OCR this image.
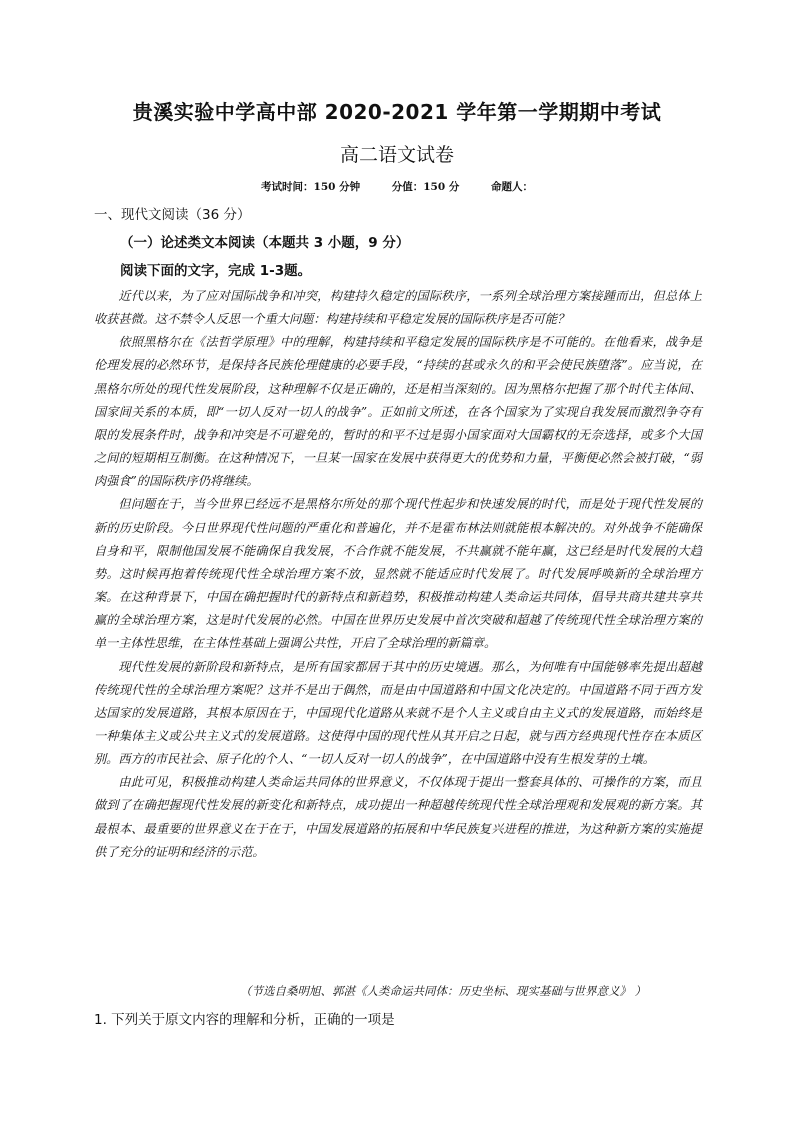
贵溪实验中学高中部 2020-2021 学年第一学期期中考试
高二语文试卷
考试时间：150 分钟	分值：150 分	命题人：
一、现代文阅读（36 分）
（一）论述类文本阅读（本题共 3 小题，9 分）
阅读下面的文字，完成 1-3题。

近代以来，为了应对国际战争和冲突，构建持久稳定的国际秩序，一系列全球治理方案接踵而出，但总体上收获甚微。这不禁令人反思一个重大问题：构建持续和平稳定发展的国际秩序是否可能？

依照黑格尔在《法哲学原理》中的理解，构建持续和平稳定发展的国际秩序是不可能的。在他看来，战争是伦理发展的必然环节，是保持各民族伦理健康的必要手段，“持续的甚或永久的和平会使民族堕落”。应当说，在黑格尔所处的现代性发展阶段，这种理解不仅是正确的，还是相当深刻的。因为黑格尔把握了那个时代主体间、国家间关系的本质，即“一切人反对一切人的战争”。正如前文所述，在各个国家为了实现自我发展而激烈争夺有限的发展条件时，战争和冲突是不可避免的，暂时的和平不过是弱小国家面对大国霸权的无奈选择，或多个大国之间的短期相互制衡。在这种情况下，一旦某一国家在发展中获得更大的优势和力量，平衡便必然会被打破，“弱肉强食”的国际秩序仍将继续。

但问题在于，当今世界已经远不是黑格尔所处的那个现代性起步和快速发展的时代，而是处于现代性发展的新的历史阶段。今日世界现代性问题的严重化和普遍化，并不是霍布林法则就能根本解决的。对外战争不能确保自身和平，限制他国发展不能确保自我发展，不合作就不能发展，不共赢就不能年赢，这已经是时代发展的大趋势。这时候再抱着传统现代性全球治理方案不放，显然就不能适应时代发展了。时代发展呼唤新的全球治理方案。在这种背景下，中国在确把握时代的新特点和新趋势，积极推动构建人类命运共同体，倡导共商共建共享共赢的全球治理方案，这是时代发展的必然。中国在世界历史发展中首次突破和超越了传统现代性全球治理方案的单一主体性思维，在主体性基础上强调公共性，开启了全球治理的新篇章。

现代性发展的新阶段和新特点，是所有国家都居于其中的历史境遇。那么，为何唯有中国能够率先提出超越传统现代性的全球治理方案呢？这并不是出于偶然，而是由中国道路和中国文化决定的。中国道路不同于西方发达国家的发展道路，其根本原因在于，中国现代化道路从来就不是个人主义或自由主义式的发展道路，而始终是一种集体主义或公共主义式的发展道路。这使得中国的现代性从其开启之日起，就与西方经典现代性存在本质区别。西方的市民社会、原子化的个人、“一切人反对一切人的战争”，在中国道路中没有生根发芽的土壤。

由此可见，积极推动构建人类命运共同体的世界意义，不仅体现于提出一整套具体的、可操作的方案，而且做到了在确把握现代性发展的新变化和新特点，成功提出一种超越传统现代性全球治理观和发展观的新方案。其最根本、最重要的世界意义在于在于，中国发展道路的拓展和中华民族复兴进程的推进，为这种新方案的实施提供了充分的证明和经济的示范。

（节选自桑明旭、郭湛《人类命运共同体：历史坐标、现实基础与世界意义》 ）
1. 下列关于原文内容的理解和分析，正确的一项是
